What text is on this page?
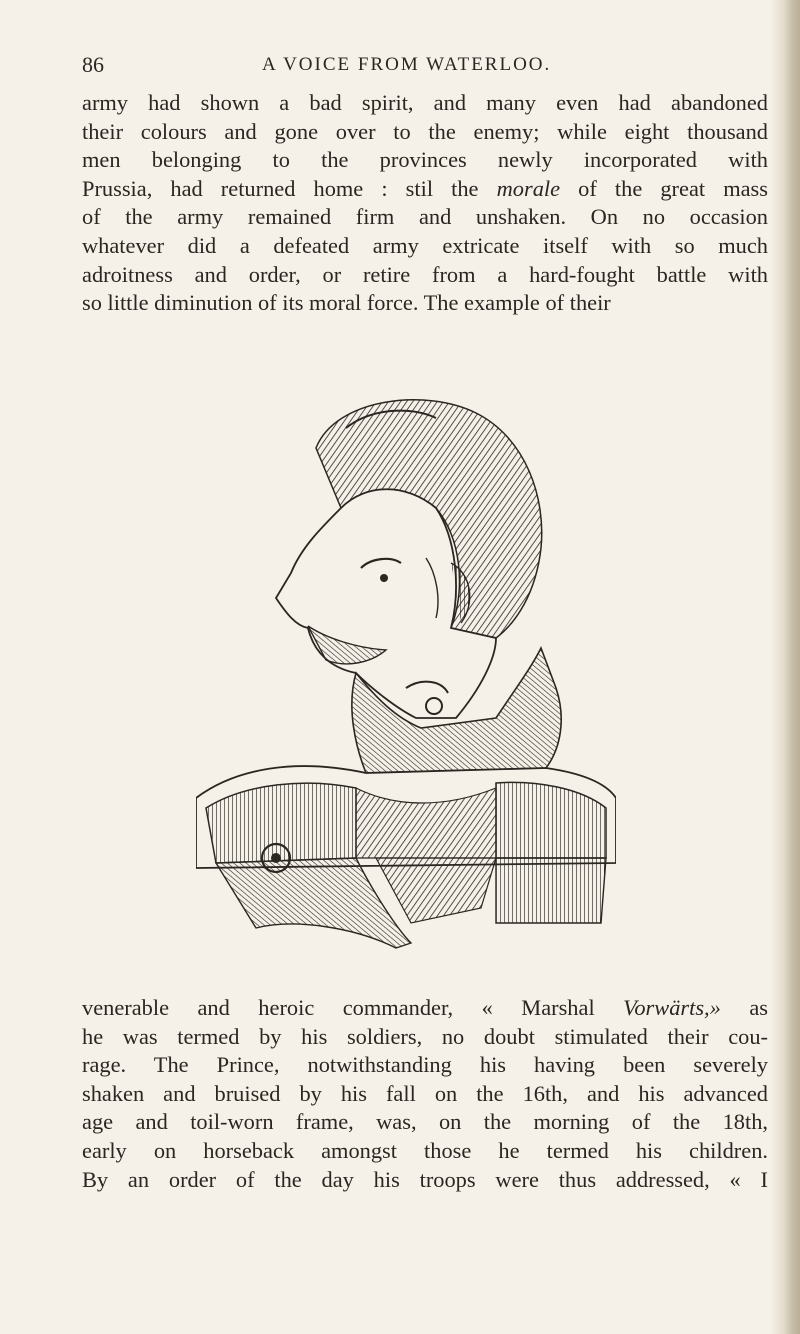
86	A VOICE FROM WATERLOO.
army had shown a bad spirit, and many even had abandoned
their colours and gone over to the enemy; while eight thousand
men belonging to the provinces newly incorporated with
Prussia, had returned home : stil the morale of the great mass
of the army remained firm and unshaken. On no occasion
whatever did a defeated army extricate itself with so much
adroitness and order, or retire from a hard-fought battle with
so little diminution of its moral force. The example of their
venerable and heroic commander, « Marshal Vorwärts,» as
he was termed by his soldiers, no doubt stimulated their cou-
rage. The Prince, notwithstanding his having been severely
shaken and bruised by his fall on the 16th, and his advanced
age and toil-worn frame, was, on the morning of the 18th,
early on horseback amongst those he termed his children.
By an order of the day his troops were thus addressed, « I
